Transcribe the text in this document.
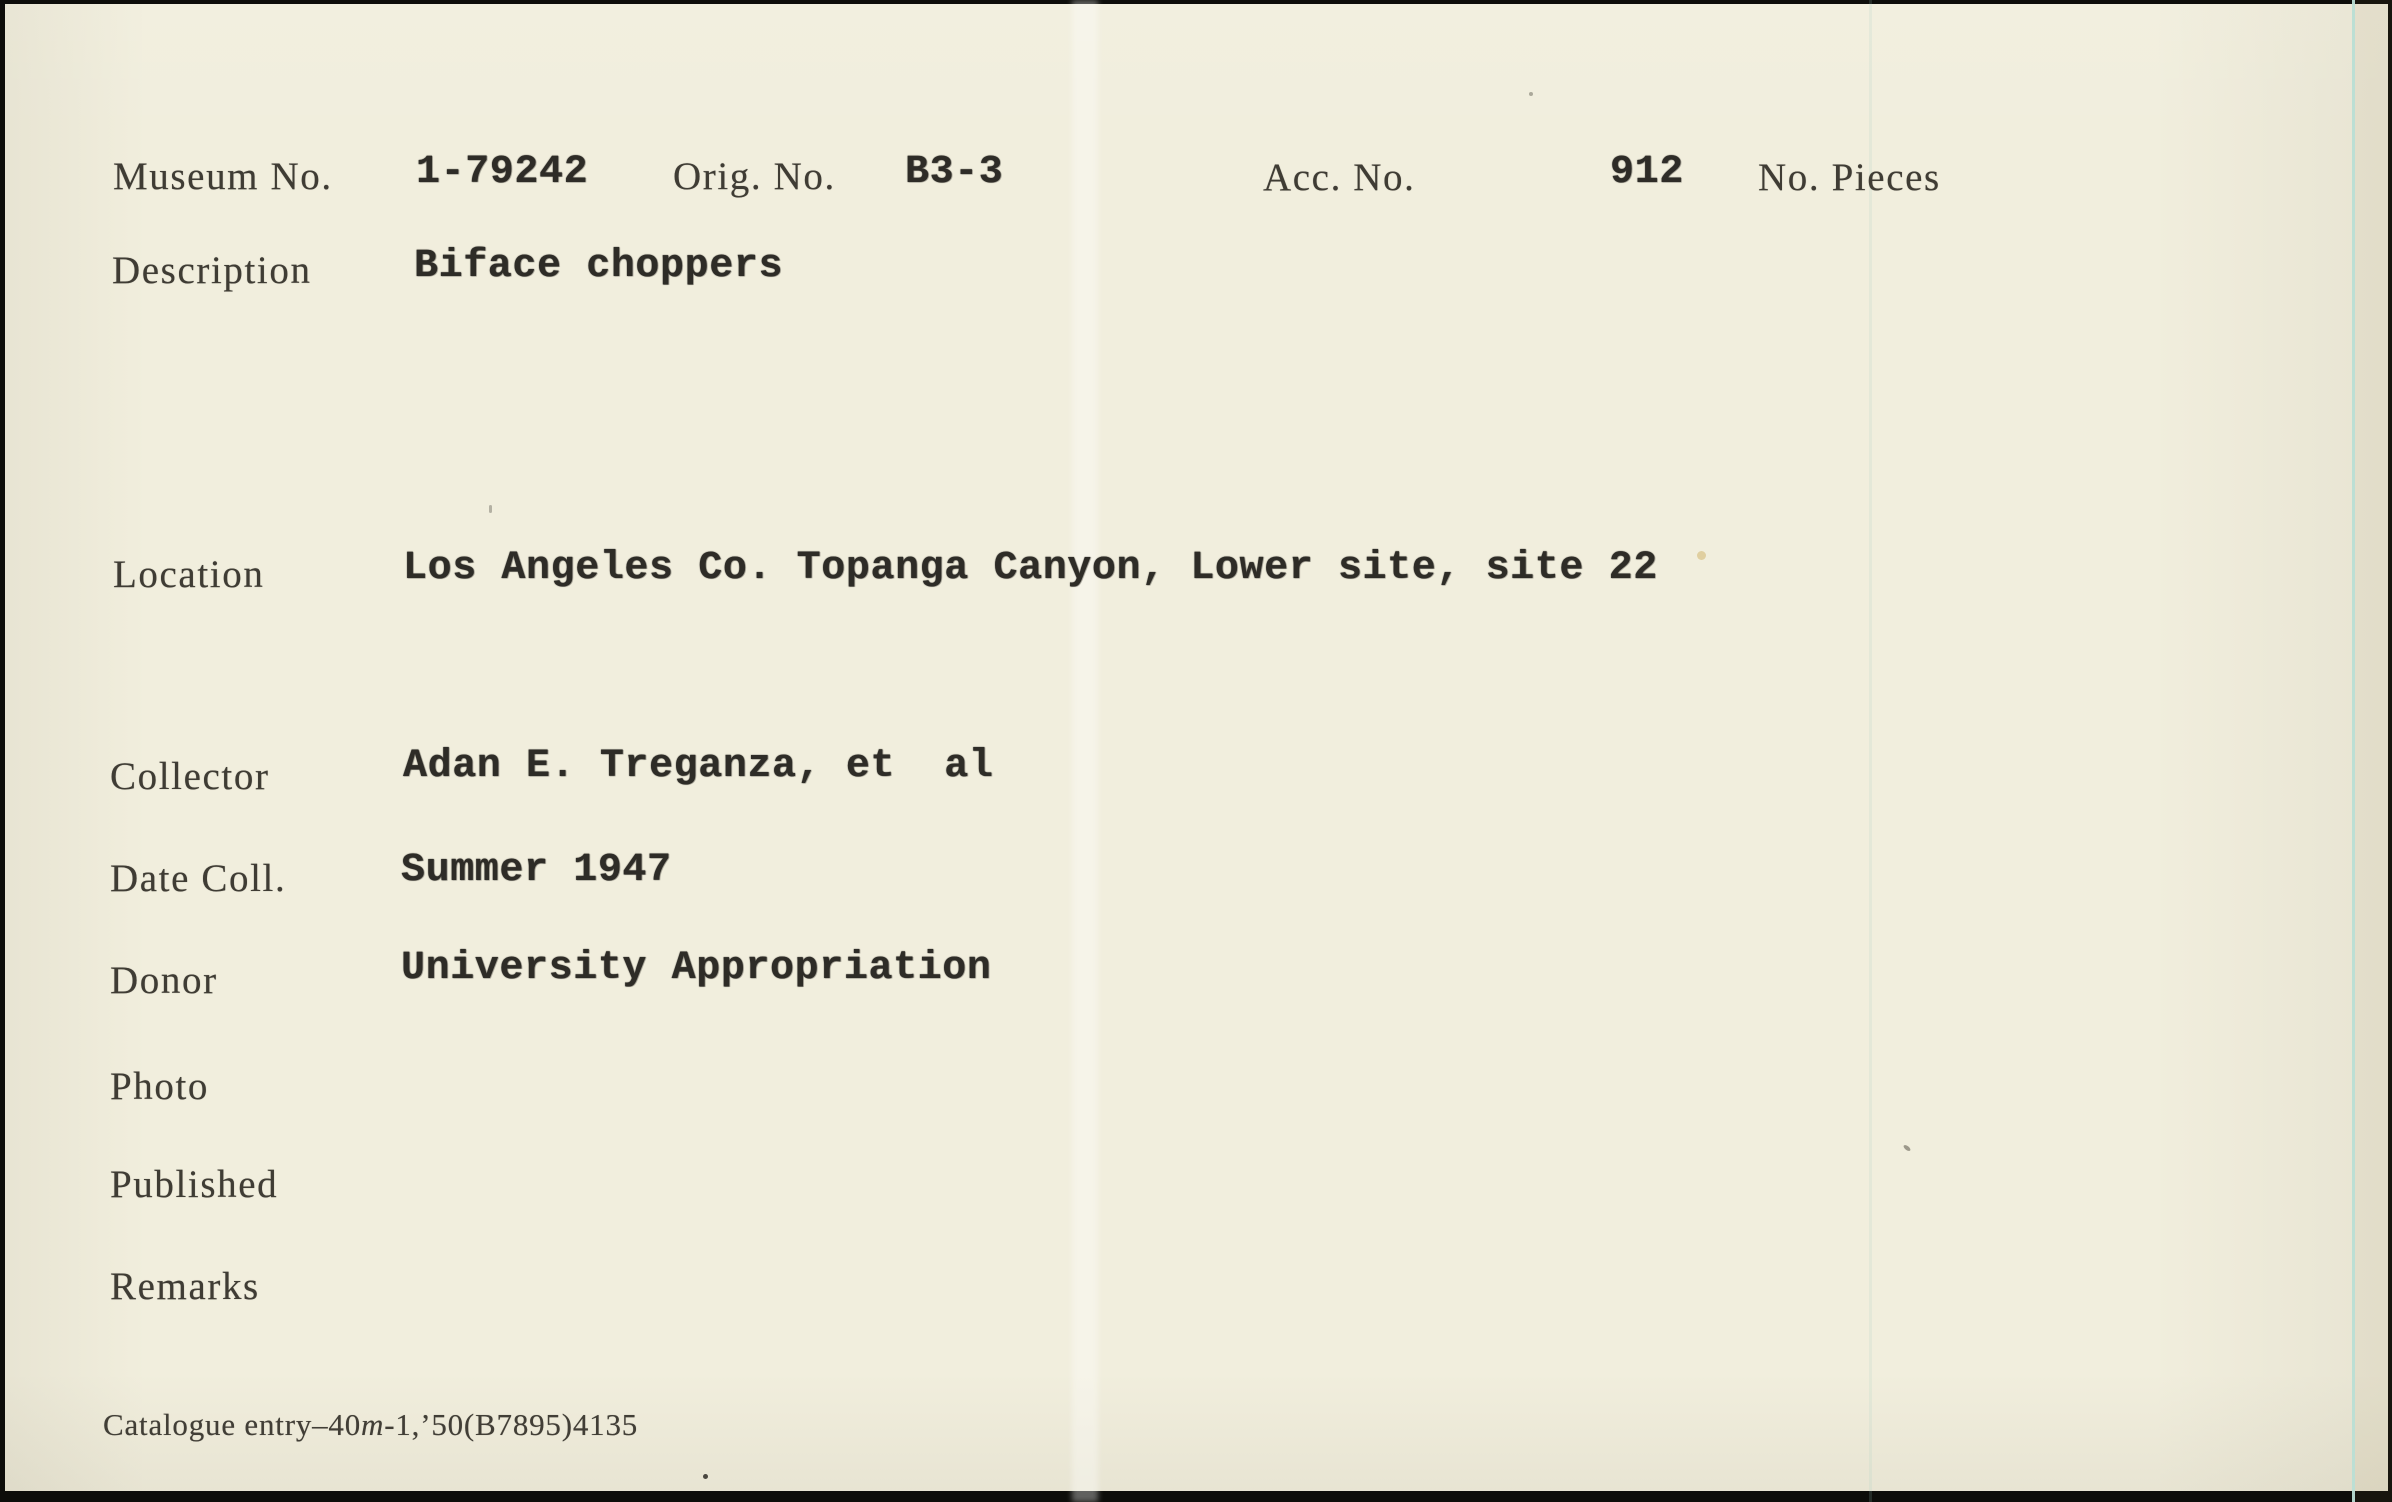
Museum No. 1-79242 Orig. No. B3-3	Acc. No.	912 No. Pieces
Description	Biface choppers
Location	Los Angeles Co. Topanga Canyon, Lower site, site 22
Collector	Adan E. Treganza, et  al
Date Coll.	Summer 1947
Donor	University Appropriation
Photo
Published
Remarks
Catalogue entry–40m-1,’50(B7895)4135
